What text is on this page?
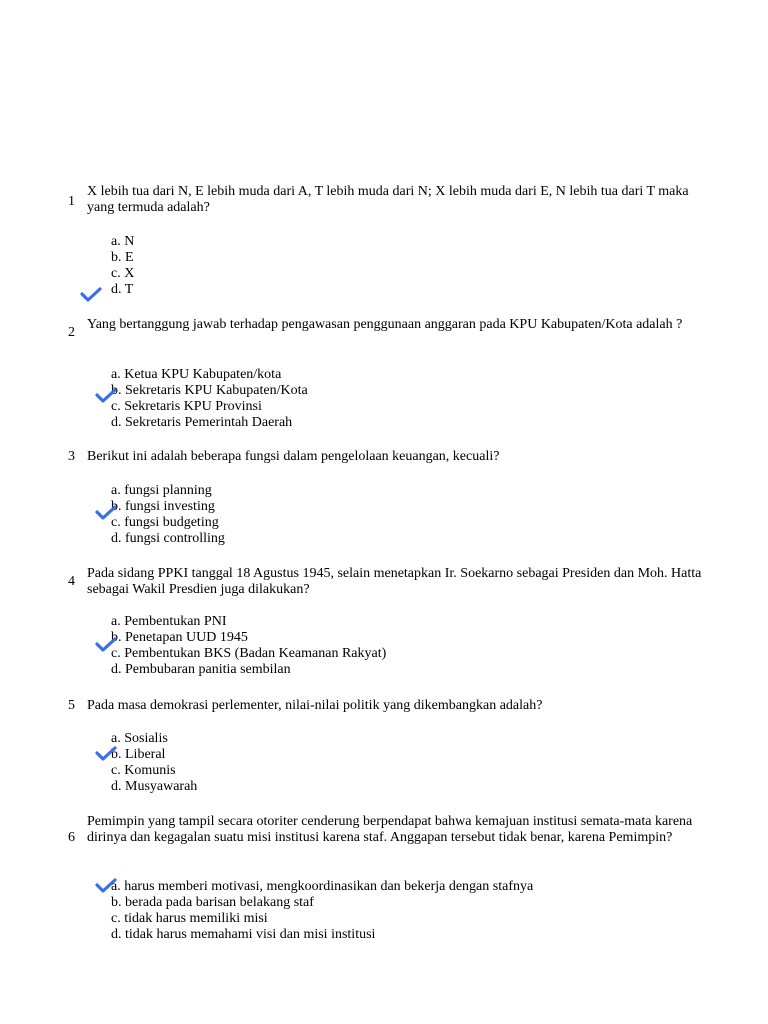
1
X lebih tua dari N, E lebih muda dari A, T lebih muda dari N; X lebih muda dari E, N lebih tua dari T maka yang termuda adalah?
a. N
b. E
c. X
d. T
2
Yang bertanggung jawab terhadap pengawasan penggunaan anggaran pada KPU Kabupaten/Kota adalah ?
a. Ketua KPU Kabupaten/kota
b. Sekretaris KPU Kabupaten/Kota
c. Sekretaris KPU Provinsi
d. Sekretaris Pemerintah Daerah
3 Berikut ini adalah beberapa fungsi dalam pengelolaan keuangan, kecuali?
a. fungsi planning
b. fungsi investing
c. fungsi budgeting
d. fungsi controlling
4
Pada sidang PPKI tanggal 18 Agustus 1945, selain menetapkan Ir. Soekarno sebagai Presiden dan Moh. Hatta sebagai Wakil Presdien juga dilakukan?
a. Pembentukan PNI
b. Penetapan UUD 1945
c. Pembentukan BKS (Badan Keamanan Rakyat)
d. Pembubaran panitia sembilan
5 Pada masa demokrasi perlementer, nilai-nilai politik yang dikembangkan adalah?
a. Sosialis
b. Liberal
c. Komunis
d. Musyawarah
6
Pemimpin yang tampil secara otoriter cenderung berpendapat bahwa kemajuan institusi semata-mata karena dirinya dan kegagalan suatu misi institusi karena staf. Anggapan tersebut tidak benar, karena Pemimpin?
a. harus memberi motivasi, mengkoordinasikan dan bekerja dengan stafnya
b. berada pada barisan belakang staf
c. tidak harus memiliki misi
d. tidak harus memahami visi dan misi institusi
